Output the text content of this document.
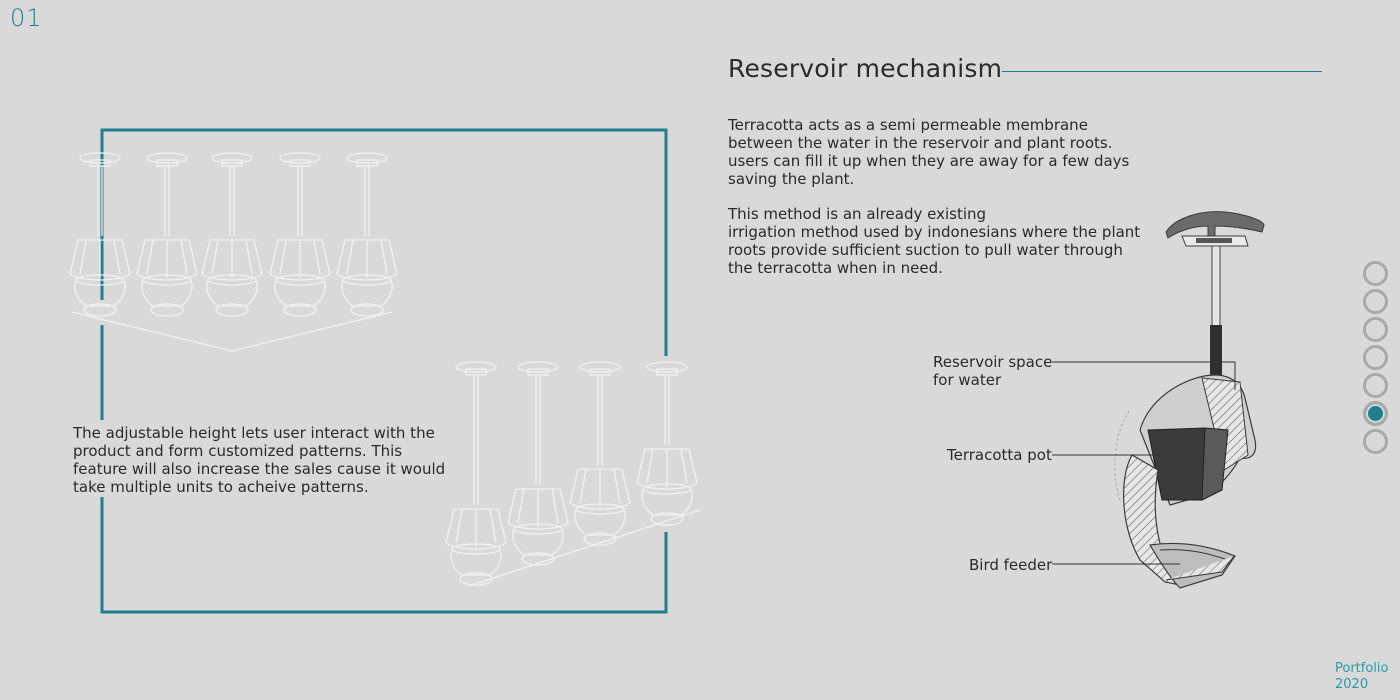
01
Reservoir mechanism
Terracotta acts as a semi permeable membrane
between the water in the reservoir and plant roots.
users can fill it up when they are away for a few days
saving the plant.
This method is an already existing
irrigation method used by indonesians where the plant
roots provide sufficient suction to pull water through
the terracotta when in need.
The adjustable height lets user interact with the
product and form customized patterns. This
feature will also increase the sales cause it would
take multiple units to acheive patterns.
Reservoir space
for water
Terracotta pot
Bird feeder
Portfolio
2020
